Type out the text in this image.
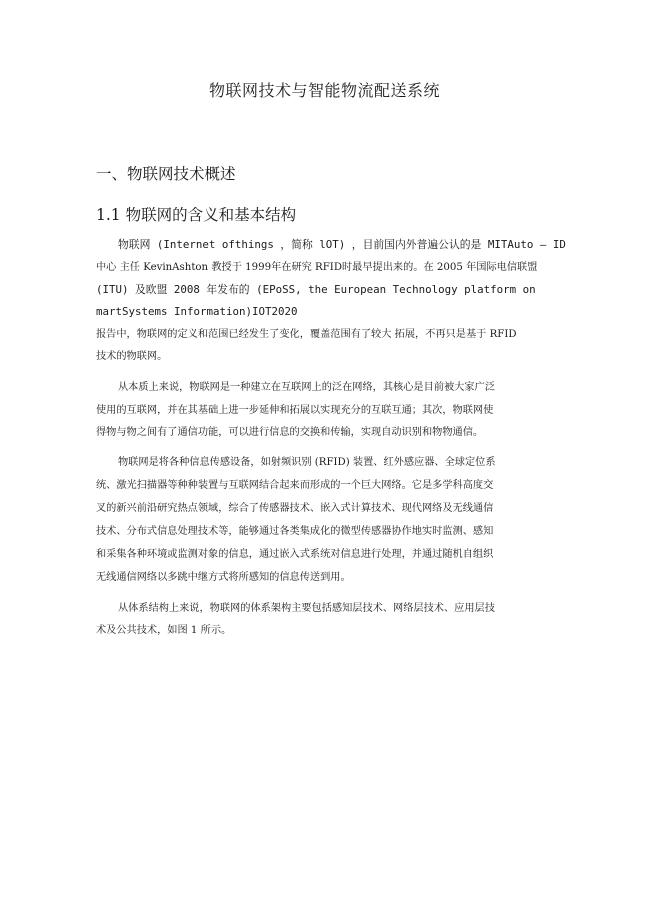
物联网技术与智能物流配送系统
一、物联网技术概述
1.1 物联网的含义和基本结构
物联网 (Internet ofthings ，简称 lOT) ，目前国内外普遍公认的是 MITAuto — ID
中心 主任 KevinAshton 教授于 1999年在研究 RFID时最早提出来的。在 2005 年国际电信联盟
(ITU) 及欧盟 2008 年发布的 (EPoSS, the European Technology platform on
martSystems Information)IOT2020
报告中，物联网的定义和范围已经发生了变化，覆盖范围有了较大 拓展，不再只是基于 RFID
技术的物联网。
从本质上来说，物联网是一种建立在互联网上的泛在网络，其核心是目前被大家广泛
使用的互联网，并在其基础上进一步延伸和拓展以实现充分的互联互通；其次，物联网使
得物与物之间有了通信功能，可以进行信息的交换和传输，实现自动识别和物物通信。
物联网是将各种信息传感设备，如射频识别 (RFID) 装置、红外感应器、全球定位系
统、激光扫描器等种种装置与互联网结合起来而形成的一个巨大网络。它是多学科高度交
叉的新兴前沿研究热点领域，综合了传感器技术、嵌入式计算技术、现代网络及无线通信
技术、分布式信息处理技术等，能够通过各类集成化的微型传感器协作地实时监测、感知
和采集各种环境或监测对象的信息，通过嵌入式系统对信息进行处理，并通过随机自组织
无线通信网络以多跳中继方式将所感知的信息传送到用。
从体系结构上来说，物联网的体系架构主要包括感知层技术、网络层技术、应用层技
术及公共技术，如图 1 所示。
